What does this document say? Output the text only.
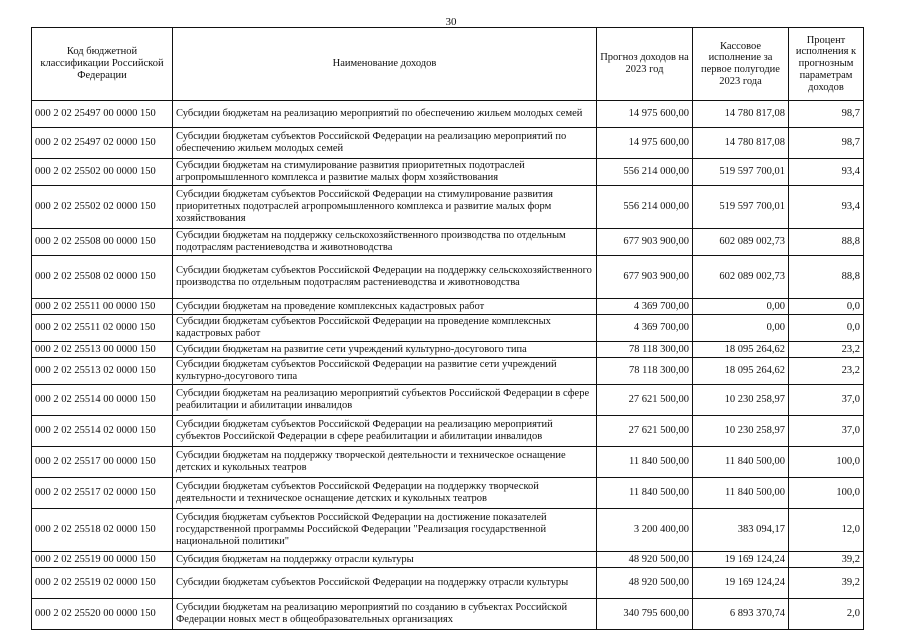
30
Код бюджетной классификации Российской Федерации	Наименование доходов	Прогноз доходов на 2023 год	Кассовое исполнение за первое полугодие 2023 года	Процент исполнения к прогнозным параметрам доходов
000 2 02 25497 00 0000 150	Субсидии бюджетам на реализацию мероприятий по обеспечению жильем молодых семей	14 975 600,00	14 780 817,08	98,7
000 2 02 25497 02 0000 150	Субсидии бюджетам субъектов Российской Федерации на реализацию мероприятий по обеспечению жильем молодых семей	14 975 600,00	14 780 817,08	98,7
000 2 02 25502 00 0000 150	Субсидии бюджетам на стимулирование развития приоритетных подотраслей агропромышленного комплекса и развитие малых форм хозяйствования	556 214 000,00	519 597 700,01	93,4
000 2 02 25502 02 0000 150	Субсидии бюджетам субъектов Российской Федерации на стимулирование развития приоритетных подотраслей агропромышленного комплекса и развитие малых форм хозяйствования	556 214 000,00	519 597 700,01	93,4
000 2 02 25508 00 0000 150	Субсидии бюджетам на поддержку сельскохозяйственного производства по отдельным подотраслям растениеводства и животноводства	677 903 900,00	602 089 002,73	88,8
000 2 02 25508 02 0000 150	Субсидии бюджетам субъектов Российской Федерации на поддержку сельскохозяйственного производства по отдельным подотраслям растениеводства и животноводства	677 903 900,00	602 089 002,73	88,8
000 2 02 25511 00 0000 150	Субсидии бюджетам на проведение комплексных кадастровых работ	4 369 700,00	0,00	0,0
000 2 02 25511 02 0000 150	Субсидии бюджетам субъектов Российской Федерации на проведение комплексных кадастровых работ	4 369 700,00	0,00	0,0
000 2 02 25513 00 0000 150	Субсидии бюджетам на развитие сети учреждений культурно-досугового типа	78 118 300,00	18 095 264,62	23,2
000 2 02 25513 02 0000 150	Субсидии бюджетам субъектов Российской Федерации на развитие сети учреждений культурно-досугового типа	78 118 300,00	18 095 264,62	23,2
000 2 02 25514 00 0000 150	Субсидии бюджетам на реализацию мероприятий субъектов Российской Федерации в сфере реабилитации и абилитации инвалидов	27 621 500,00	10 230 258,97	37,0
000 2 02 25514 02 0000 150	Субсидии бюджетам субъектов Российской Федерации на реализацию мероприятий субъектов Российской Федерации в сфере реабилитации и абилитации инвалидов	27 621 500,00	10 230 258,97	37,0
000 2 02 25517 00 0000 150	Субсидии бюджетам на поддержку творческой деятельности и техническое оснащение детских и кукольных театров	11 840 500,00	11 840 500,00	100,0
000 2 02 25517 02 0000 150	Субсидии бюджетам субъектов Российской Федерации на поддержку творческой деятельности и техническое оснащение детских и кукольных театров	11 840 500,00	11 840 500,00	100,0
000 2 02 25518 02 0000 150	Субсидия бюджетам субъектов Российской Федерации на достижение показателей государственной программы Российской Федерации "Реализация государственной национальной политики"	3 200 400,00	383 094,17	12,0
000 2 02 25519 00 0000 150	Субсидия бюджетам на поддержку отрасли культуры	48 920 500,00	19 169 124,24	39,2
000 2 02 25519 02 0000 150	Субсидии бюджетам субъектов Российской Федерации на поддержку отрасли культуры	48 920 500,00	19 169 124,24	39,2
000 2 02 25520 00 0000 150	Субсидии бюджетам на реализацию мероприятий по созданию в субъектах Российской Федерации новых мест в общеобразовательных организациях	340 795 600,00	6 893 370,74	2,0
